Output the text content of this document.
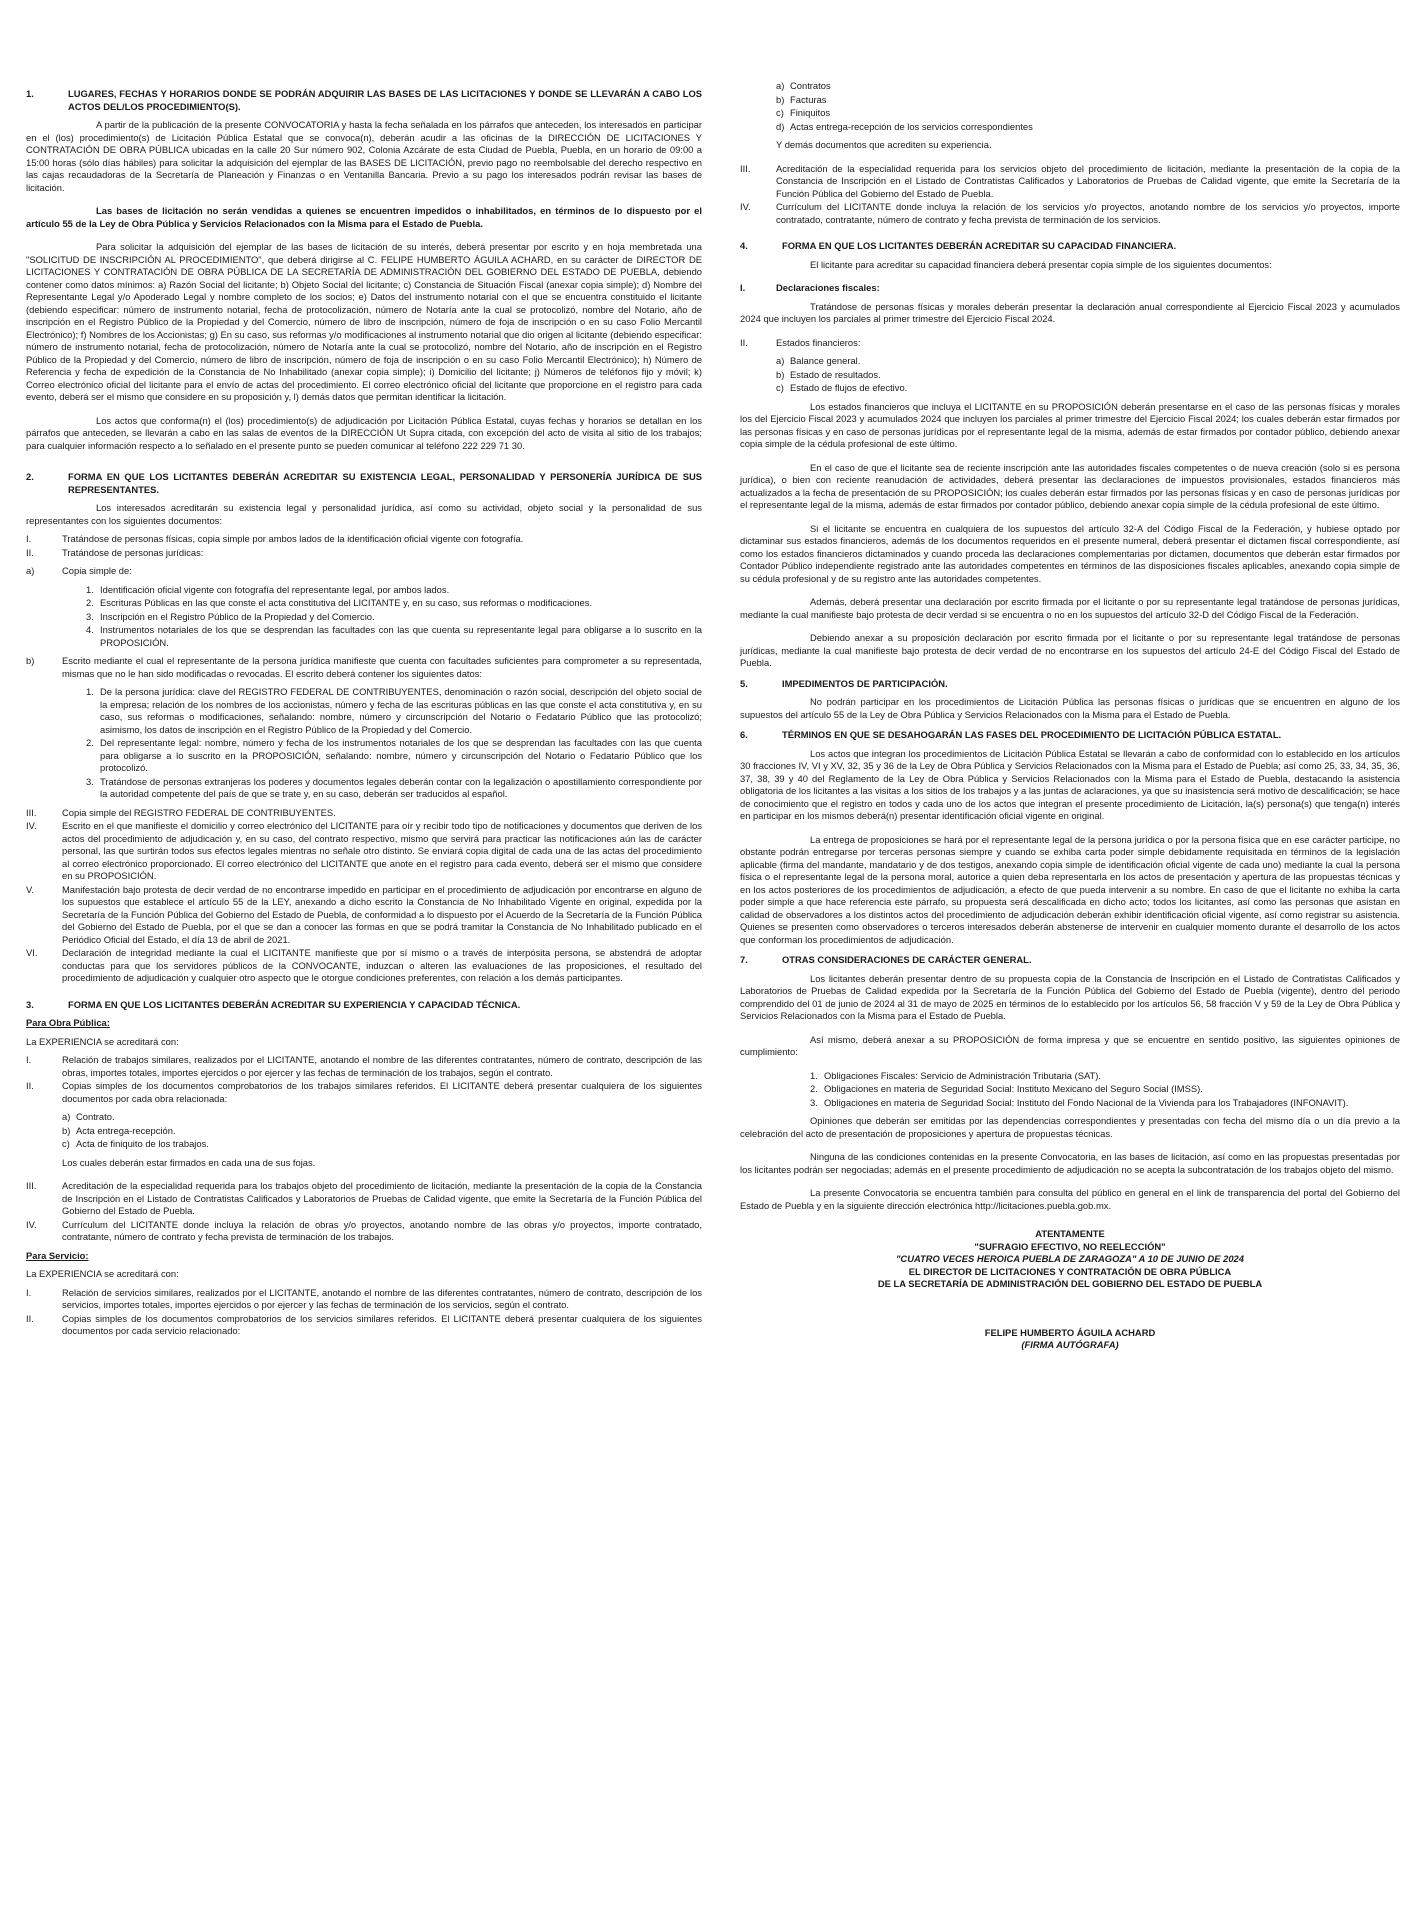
1.	LUGARES, FECHAS Y HORARIOS DONDE SE PODRÁN ADQUIRIR LAS BASES DE LAS LICITACIONES Y DONDE SE LLEVARÁN A CABO LOS ACTOS DEL/LOS PROCEDIMIENTO(S).

A partir de la publicación de la presente CONVOCATORIA y hasta la fecha señalada en los párrafos que anteceden, los interesados en participar en el (los) procedimiento(s) de Licitación Pública Estatal que se convoca(n), deberán acudir a las oficinas de la DIRECCIÓN DE LICITACIONES Y CONTRATACIÓN DE OBRA PÚBLICA ubicadas en la calle 20 Sur número 902, Colonia Azcárate de esta Ciudad de Puebla, Puebla, en un horario de 09:00 a 15:00 horas (sólo días hábiles) para solicitar la adquisición del ejemplar de las BASES DE LICITACIÓN, previo pago no reembolsable del derecho respectivo en las cajas recaudadoras de la Secretaría de Planeación y Finanzas o en Ventanilla Bancaria. Previo a su pago los interesados podrán revisar las bases de licitación.

Las bases de licitación no serán vendidas a quienes se encuentren impedidos o inhabilitados, en términos de lo dispuesto por el artículo 55 de la Ley de Obra Pública y Servicios Relacionados con la Misma para el Estado de Puebla.

Para solicitar la adquisición del ejemplar de las bases de licitación de su interés, deberá presentar por escrito y en hoja membretada una "SOLICITUD DE INSCRIPCIÓN AL PROCEDIMIENTO", que deberá dirigirse al C. FELIPE HUMBERTO ÁGUILA ACHARD, en su carácter de DIRECTOR DE LICITACIONES Y CONTRATACIÓN DE OBRA PÚBLICA DE LA SECRETARÍA DE ADMINISTRACIÓN DEL GOBIERNO DEL ESTADO DE PUEBLA, debiendo contener como datos mínimos: a) Razón Social del licitante; b) Objeto Social del licitante; c) Constancia de Situación Fiscal (anexar copia simple); d) Nombre del Representante Legal y/o Apoderado Legal y nombre completo de los socios; e) Datos del instrumento notarial con el que se encuentra constituido el licitante (debiendo especificar: número de instrumento notarial, fecha de protocolización, número de Notaría ante la cual se protocolizó, nombre del Notario, año de inscripción en el Registro Público de la Propiedad y del Comercio, número de libro de inscripción, número de foja de inscripción o en su caso Folio Mercantil Electrónico); f) Nombres de los Accionistas; g) En su caso, sus reformas y/o modificaciones al instrumento notarial que dio origen al licitante (debiendo especificar: número de instrumento notarial, fecha de protocolización, número de Notaría ante la cual se protocolizó, nombre del Notario, año de inscripción en el Registro Público de la Propiedad y del Comercio, número de libro de inscripción, número de foja de inscripción o en su caso Folio Mercantil Electrónico); h) Número de Referencia y fecha de expedición de la Constancia de No Inhabilitado (anexar copia simple); i) Domicilio del licitante; j) Números de teléfonos fijo y móvil; k) Correo electrónico oficial del licitante para el envío de actas del procedimiento. El correo electrónico oficial del licitante que proporcione en el registro para cada evento, deberá ser el mismo que considere en su proposición y, l) demás datos que permitan identificar la licitación.

Los actos que conforma(n) el (los) procedimiento(s) de adjudicación por Licitación Pública Estatal, cuyas fechas y horarios se detallan en los párrafos que anteceden, se llevarán a cabo en las salas de eventos de la DIRECCIÓN Ut Supra citada, con excepción del acto de visita al sitio de los trabajos; para cualquier información respecto a lo señalado en el presente punto se pueden comunicar al teléfono 222 229 71 30.

2.	FORMA EN QUE LOS LICITANTES DEBERÁN ACREDITAR SU EXISTENCIA LEGAL, PERSONALIDAD Y PERSONERÍA JURÍDICA DE SUS REPRESENTANTES.

Los interesados acreditarán su existencia legal y personalidad jurídica, así como su actividad, objeto social y la personalidad de sus representantes con los siguientes documentos:

I.	Tratándose de personas físicas, copia simple por ambos lados de la identificación oficial vigente con fotografía.
II.	Tratándose de personas jurídicas:
a)	Copia simple de:
1. Identificación oficial vigente con fotografía del representante legal, por ambos lados.
2. Escrituras Públicas en las que conste el acta constitutiva del LICITANTE y, en su caso, sus reformas o modificaciones.
3. Inscripción en el Registro Público de la Propiedad y del Comercio.
4. Instrumentos notariales de los que se desprendan las facultades con las que cuenta su representante legal para obligarse a lo suscrito en la PROPOSICIÓN.
b)	Escrito mediante el cual el representante de la persona jurídica manifieste que cuenta con facultades suficientes para comprometer a su representada, mismas que no le han sido modificadas o revocadas. El escrito deberá contener los siguientes datos:
1. De la persona jurídica: clave del REGISTRO FEDERAL DE CONTRIBUYENTES, denominación o razón social, descripción del objeto social de la empresa; relación de los nombres de los accionistas, número y fecha de las escrituras públicas en las que conste el acta constitutiva y, en su caso, sus reformas o modificaciones, señalando: nombre, número y circunscripción del Notario o Fedatario Público que las protocolizó; asimismo, los datos de inscripción en el Registro Público de la Propiedad y del Comercio.
2. Del representante legal: nombre, número y fecha de los instrumentos notariales de los que se desprendan las facultades con las que cuenta para obligarse a lo suscrito en la PROPOSICIÓN, señalando: nombre, número y circunscripción del Notario o Fedatario Público que los protocolizó.
3. Tratándose de personas extranjeras los poderes y documentos legales deberán contar con la legalización o apostillamiento correspondiente por la autoridad competente del país de que se trate y, en su caso, deberán ser traducidos al español.
III.	Copia simple del REGISTRO FEDERAL DE CONTRIBUYENTES.
IV.	Escrito en el que manifieste el domicilio y correo electrónico del LICITANTE para oír y recibir todo tipo de notificaciones y documentos que deriven de los actos del procedimiento de adjudicación y, en su caso, del contrato respectivo, mismo que servirá para practicar las notificaciones aún las de carácter personal, las que surtirán todos sus efectos legales mientras no señale otro distinto. Se enviará copia digital de cada una de las actas del procedimiento al correo electrónico proporcionado. El correo electrónico del LICITANTE que anote en el registro para cada evento, deberá ser el mismo que considere en su PROPOSICIÓN.
V.	Manifestación bajo protesta de decir verdad de no encontrarse impedido en participar en el procedimiento de adjudicación por encontrarse en alguno de los supuestos que establece el artículo 55 de la LEY, anexando a dicho escrito la Constancia de No Inhabilitado Vigente en original, expedida por la Secretaría de la Función Pública del Gobierno del Estado de Puebla, de conformidad a lo dispuesto por el Acuerdo de la Secretaría de la Función Pública del Gobierno del Estado de Puebla, por el que se dan a conocer las formas en que se podrá tramitar la Constancia de No Inhabilitado publicado en el Periódico Oficial del Estado, el día 13 de abril de 2021.
VI.	Declaración de integridad mediante la cual el LICITANTE manifieste que por sí mismo o a través de interpósita persona, se abstendrá de adoptar conductas para que los servidores públicos de la CONVOCANTE, induzcan o alteren las evaluaciones de las proposiciones, el resultado del procedimiento de adjudicación y cualquier otro aspecto que le otorgue condiciones preferentes, con relación a los demás participantes.
3.	FORMA EN QUE LOS LICITANTES DEBERÁN ACREDITAR SU EXPERIENCIA Y CAPACIDAD TÉCNICA.

Para Obra Pública:

La EXPERIENCIA se acreditará con:

I.	Relación de trabajos similares, realizados por el LICITANTE, anotando el nombre de las diferentes contratantes, número de contrato, descripción de las obras, importes totales, importes ejercidos o por ejercer y las fechas de terminación de los trabajos, según el contrato.
II.	Copias simples de los documentos comprobatorios de los trabajos similares referidos. El LICITANTE deberá presentar cualquiera de los siguientes documentos por cada obra relacionada:
a) Contrato.
b) Acta entrega-recepción.
c) Acta de finiquito de los trabajos.

Los cuales deberán estar firmados en cada una de sus fojas.

III.	Acreditación de la especialidad requerida para los trabajos objeto del procedimiento de licitación, mediante la presentación de la copia de la Constancia de Inscripción en el Listado de Contratistas Calificados y Laboratorios de Pruebas de Calidad vigente, que emite la Secretaría de la Función Pública del Gobierno del Estado de Puebla.
IV.	Currículum del LICITANTE donde incluya la relación de obras y/o proyectos, anotando nombre de las obras y/o proyectos, importe contratado, contratante, número de contrato y fecha prevista de terminación de los trabajos.

Para Servicio:

La EXPERIENCIA se acreditará con:

I.	Relación de servicios similares, realizados por el LICITANTE, anotando el nombre de las diferentes contratantes, número de contrato, descripción de los servicios, importes totales, importes ejercidos o por ejercer y las fechas de terminación de los servicios, según el contrato.
II.	Copias simples de los documentos comprobatorios de los servicios similares referidos. El LICITANTE deberá presentar cualquiera de los siguientes documentos por cada servicio relacionado:
a) Contratos
b) Facturas
c) Finiquitos
d) Actas entrega-recepción de los servicios correspondientes

Y demás documentos que acrediten su experiencia.

III.	Acreditación de la especialidad requerida para los servicios objeto del procedimiento de licitación, mediante la presentación de la copia de la Constancia de Inscripción en el Listado de Contratistas Calificados y Laboratorios de Pruebas de Calidad vigente, que emite la Secretaría de la Función Pública del Gobierno del Estado de Puebla.
IV.	Currículum del LICITANTE donde incluya la relación de los servicios y/o proyectos, anotando nombre de los servicios y/o proyectos, importe contratado, contratante, número de contrato y fecha prevista de terminación de los servicios.
4.	FORMA EN QUE LOS LICITANTES DEBERÁN ACREDITAR SU CAPACIDAD FINANCIERA.

El licitante para acreditar su capacidad financiera deberá presentar copia simple de los siguientes documentos:

I.	Declaraciones fiscales:

Tratándose de personas físicas y morales deberán presentar la declaración anual correspondiente al Ejercicio Fiscal 2023 y acumulados 2024 que incluyen los parciales al primer trimestre del Ejercicio Fiscal 2024.

II.	Estados financieros:
a) Balance general.
b) Estado de resultados.
c) Estado de flujos de efectivo.

Los estados financieros que incluya el LICITANTE en su PROPOSICIÓN deberán presentarse en el caso de las personas físicas y morales los del Ejercicio Fiscal 2023 y acumulados 2024 que incluyen los parciales al primer trimestre del Ejercicio Fiscal 2024; los cuales deberán estar firmados por las personas físicas y en caso de personas jurídicas por el representante legal de la misma, además de estar firmados por contador público, debiendo anexar copia simple de la cédula profesional de este último.

En el caso de que el licitante sea de reciente inscripción ante las autoridades fiscales competentes o de nueva creación (solo si es persona jurídica), o bien con reciente reanudación de actividades, deberá presentar las declaraciones de impuestos provisionales, estados financieros más actualizados a la fecha de presentación de su PROPOSICIÓN; los cuales deberán estar firmados por las personas físicas y en caso de personas jurídicas por el representante legal de la misma, además de estar firmados por contador público, debiendo anexar copia simple de la cédula profesional de este último.

Si el licitante se encuentra en cualquiera de los supuestos del artículo 32-A del Código Fiscal de la Federación, y hubiese optado por dictaminar sus estados financieros, además de los documentos requeridos en el presente numeral, deberá presentar el dictamen fiscal correspondiente, así como los estados financieros dictaminados y cuando proceda las declaraciones complementarias por dictamen, documentos que deberán estar firmados por Contador Público independiente registrado ante las autoridades competentes en términos de las disposiciones fiscales aplicables, anexando copia simple de su cédula profesional y de su registro ante las autoridades competentes.

Además, deberá presentar una declaración por escrito firmada por el licitante o por su representante legal tratándose de personas jurídicas, mediante la cual manifieste bajo protesta de decir verdad si se encuentra o no en los supuestos del artículo 32-D del Código Fiscal de la Federación.

Debiendo anexar a su proposición declaración por escrito firmada por el licitante o por su representante legal tratándose de personas jurídicas, mediante la cual manifieste bajo protesta de decir verdad de no encontrarse en los supuestos del artículo 24-E del Código Fiscal del Estado de Puebla.

5.	IMPEDIMENTOS DE PARTICIPACIÓN.

No podrán participar en los procedimientos de Licitación Pública las personas físicas o jurídicas que se encuentren en alguno de los supuestos del artículo 55 de la Ley de Obra Pública y Servicios Relacionados con la Misma para el Estado de Puebla.

6.	TÉRMINOS EN QUE SE DESAHOGARÁN LAS FASES DEL PROCEDIMIENTO DE LICITACIÓN PÚBLICA ESTATAL.

Los actos que integran los procedimientos de Licitación Pública Estatal se llevarán a cabo de conformidad con lo establecido en los artículos 30 fracciones IV, VI y XV, 32, 35 y 36 de la Ley de Obra Pública y Servicios Relacionados con la Misma para el Estado de Puebla; así como 25, 33, 34, 35, 36, 37, 38, 39 y 40 del Reglamento de la Ley de Obra Pública y Servicios Relacionados con la Misma para el Estado de Puebla, destacando la asistencia obligatoria de los licitantes a las visitas a los sitios de los trabajos y a las juntas de aclaraciones, ya que su inasistencia será motivo de descalificación; se hace de conocimiento que el registro en todos y cada uno de los actos que integran el presente procedimiento de Licitación, la(s) persona(s) que tenga(n) interés en participar en los mismos deberá(n) presentar identificación oficial vigente en original.

La entrega de proposiciones se hará por el representante legal de la persona jurídica o por la persona física que en ese carácter participe, no obstante podrán entregarse por terceras personas siempre y cuando se exhiba carta poder simple debidamente requisitada en términos de la legislación aplicable (firma del mandante, mandatario y de dos testigos, anexando copia simple de identificación oficial vigente de cada uno) mediante la cual la persona física o el representante legal de la persona moral, autorice a quien deba representarla en los actos de presentación y apertura de las propuestas técnicas y en los actos posteriores de los procedimientos de adjudicación, a efecto de que pueda intervenir a su nombre. En caso de que el licitante no exhiba la carta poder simple a que hace referencia este párrafo, su propuesta será descalificada en dicho acto; todos los licitantes, así como las personas que asistan en calidad de observadores a los distintos actos del procedimiento de adjudicación deberán exhibir identificación oficial vigente, así como registrar su asistencia. Quienes se presenten como observadores o terceros interesados deberán abstenerse de intervenir en cualquier momento durante el desarrollo de los actos que conforman los procedimientos de adjudicación.

7.	OTRAS CONSIDERACIONES DE CARÁCTER GENERAL.

Los licitantes deberán presentar dentro de su propuesta copia de la Constancia de Inscripción en el Listado de Contratistas Calificados y Laboratorios de Pruebas de Calidad expedida por la Secretaría de la Función Pública del Gobierno del Estado de Puebla (vigente), dentro del periodo comprendido del 01 de junio de 2024 al 31 de mayo de 2025 en términos de lo establecido por los artículos 56, 58 fracción V y 59 de la Ley de Obra Pública y Servicios Relacionados con la Misma para el Estado de Puebla.

Así mismo, deberá anexar a su PROPOSICIÓN de forma impresa y que se encuentre en sentido positivo, las siguientes opiniones de cumplimiento:

1. Obligaciones Fiscales: Servicio de Administración Tributaria (SAT).
2. Obligaciones en materia de Seguridad Social: Instituto Mexicano del Seguro Social (IMSS).
3. Obligaciones en materia de Seguridad Social: Instituto del Fondo Nacional de la Vivienda para los Trabajadores (INFONAVIT).

Opiniones que deberán ser emitidas por las dependencias correspondientes y presentadas con fecha del mismo día o un día previo a la celebración del acto de presentación de proposiciones y apertura de propuestas técnicas.

Ninguna de las condiciones contenidas en la presente Convocatoria, en las bases de licitación, así como en las propuestas presentadas por los licitantes podrán ser negociadas; además en el presente procedimiento de adjudicación no se acepta la subcontratación de los trabajos objeto del mismo.

La presente Convocatoria se encuentra también para consulta del público en general en el link de transparencia del portal del Gobierno del Estado de Puebla y en la siguiente dirección electrónica http://licitaciones.puebla.gob.mx.

ATENTAMENTE

"SUFRAGIO EFECTIVO, NO REELECCIÓN"

"CUATRO VECES HEROICA PUEBLA DE ZARAGOZA" A 10 DE JUNIO DE 2024

EL DIRECTOR DE LICITACIONES Y CONTRATACIÓN DE OBRA PÚBLICA

DE LA SECRETARÍA DE ADMINISTRACIÓN DEL GOBIERNO DEL ESTADO DE PUEBLA

FELIPE HUMBERTO ÁGUILA ACHARD

(FIRMA AUTÓGRAFA)
